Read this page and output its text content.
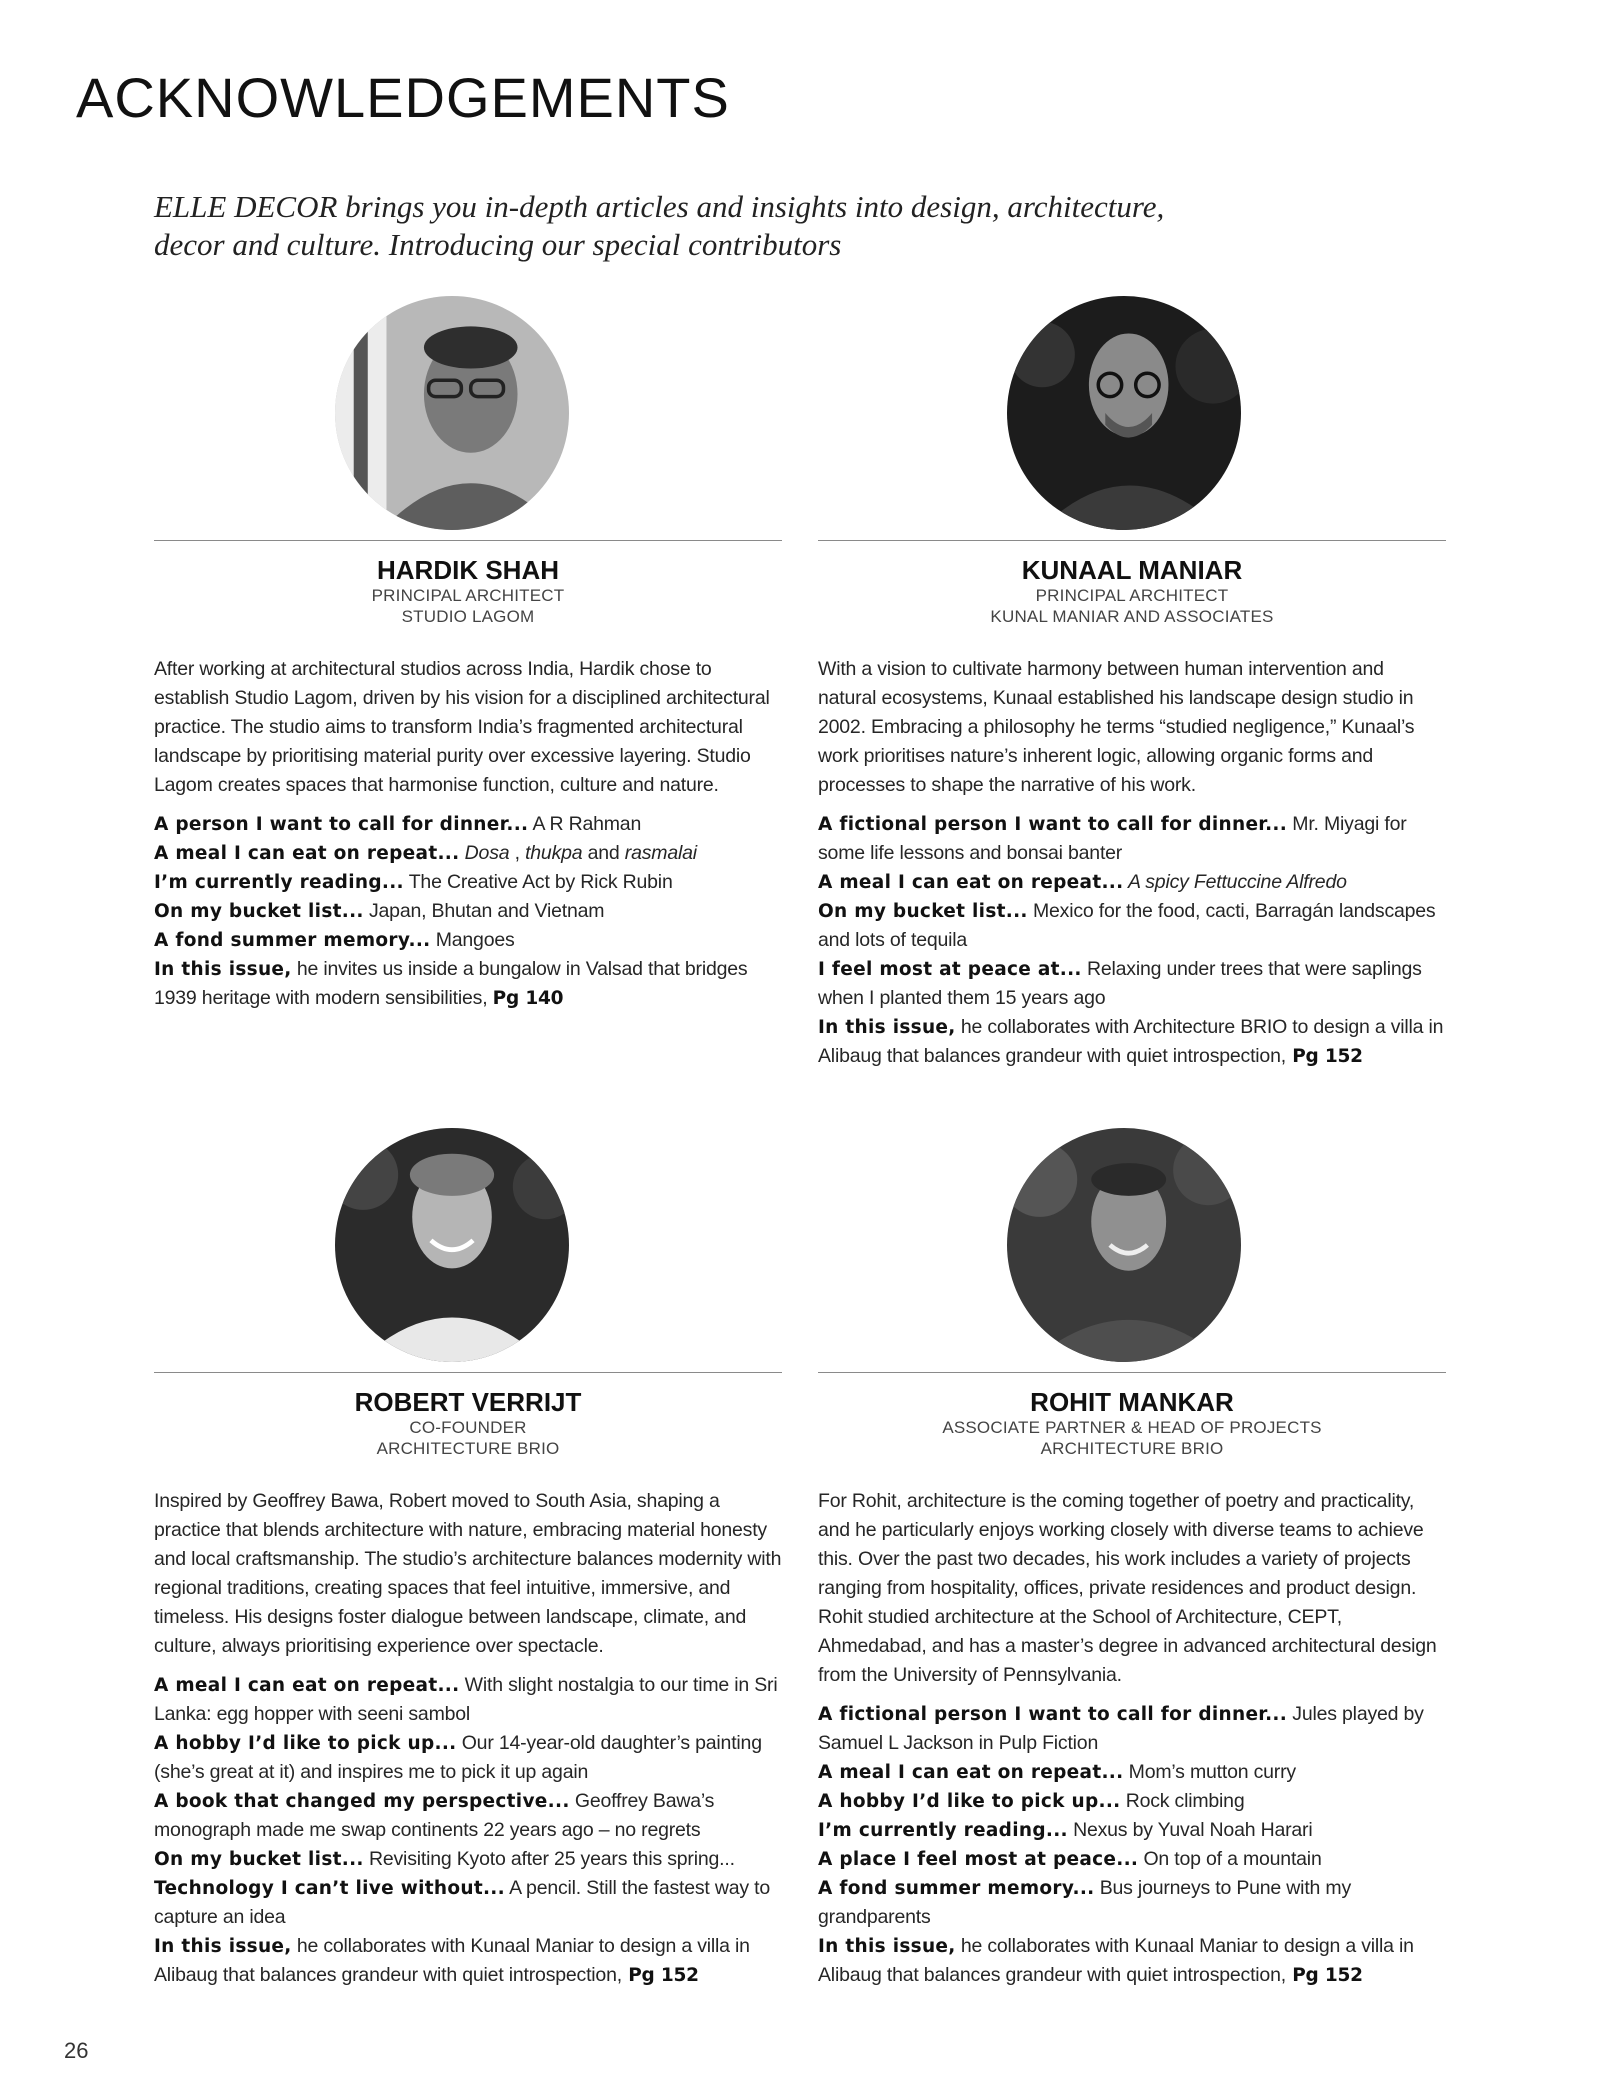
ACKNOWLEDGEMENTS
ELLE DECOR brings you in-depth articles and insights into design, architecture,
decor and culture. Introducing our special contributors
HARDIK SHAH
PRINCIPAL ARCHITECT
STUDIO LAGOM
After working at architectural studios across India, Hardik chose to establish Studio Lagom, driven by his vision for a disciplined architectural practice. The studio aims to transform India’s fragmented architectural landscape by prioritising material purity over excessive layering. Studio Lagom creates spaces that harmonise function, culture and nature.

A person I want to call for dinner... A R Rahman

A meal I can eat on repeat... Dosa , thukpa and rasmalai

I’m currently reading... The Creative Act by Rick Rubin

On my bucket list... Japan, Bhutan and Vietnam

A fond summer memory... Mangoes

In this issue, he invites us inside a bungalow in Valsad that bridges 1939 heritage with modern sensibilities, Pg 140

KUNAAL MANIAR
PRINCIPAL ARCHITECT
KUNAL MANIAR AND ASSOCIATES
With a vision to cultivate harmony between human intervention and natural ecosystems, Kunaal established his landscape design studio in 2002. Embracing a philosophy he terms “studied negligence,” Kunaal’s work prioritises nature’s inherent logic, allowing organic forms and processes to shape the narrative of his work.

A fictional person I want to call for dinner... Mr. Miyagi for some life lessons and bonsai banter

A meal I can eat on repeat... A spicy Fettuccine Alfredo

On my bucket list... Mexico for the food, cacti, Barragán landscapes and lots of tequila

I feel most at peace at... Relaxing under trees that were saplings when I planted them 15 years ago

In this issue, he collaborates with Architecture BRIO to design a villa in Alibaug that balances grandeur with quiet introspection, Pg 152

ROBERT VERRIJT
CO-FOUNDER
ARCHITECTURE BRIO
Inspired by Geoffrey Bawa, Robert moved to South Asia, shaping a practice that blends architecture with nature, embracing material honesty and local craftsmanship. The studio’s architecture balances modernity with regional traditions, creating spaces that feel intuitive, immersive, and timeless. His designs foster dialogue between landscape, climate, and culture, always prioritising experience over spectacle.

A meal I can eat on repeat... With slight nostalgia to our time in Sri Lanka: egg hopper with seeni sambol

A hobby I’d like to pick up... Our 14-year-old daughter’s painting (she’s great at it) and inspires me to pick it up again

A book that changed my perspective... Geoffrey Bawa’s monograph made me swap continents 22 years ago – no regrets

On my bucket list... Revisiting Kyoto after 25 years this spring...

Technology I can’t live without... A pencil. Still the fastest way to capture an idea

In this issue, he collaborates with Kunaal Maniar to design a villa in Alibaug that balances grandeur with quiet introspection, Pg 152

ROHIT MANKAR
ASSOCIATE PARTNER & HEAD OF PROJECTS
ARCHITECTURE BRIO
For Rohit, architecture is the coming together of poetry and practicality, and he particularly enjoys working closely with diverse teams to achieve this. Over the past two decades, his work includes a variety of projects ranging from hospitality, offices, private residences and product design. Rohit studied architecture at the School of Architecture, CEPT, Ahmedabad, and has a master’s degree in advanced architectural design from the University of Pennsylvania.

A fictional person I want to call for dinner... Jules played by Samuel L Jackson in Pulp Fiction

A meal I can eat on repeat... Mom’s mutton curry

A hobby I’d like to pick up... Rock climbing

I’m currently reading... Nexus by Yuval Noah Harari

A place I feel most at peace... On top of a mountain

A fond summer memory... Bus journeys to Pune with my grandparents

In this issue, he collaborates with Kunaal Maniar to design a villa in Alibaug that balances grandeur with quiet introspection, Pg 152

26
